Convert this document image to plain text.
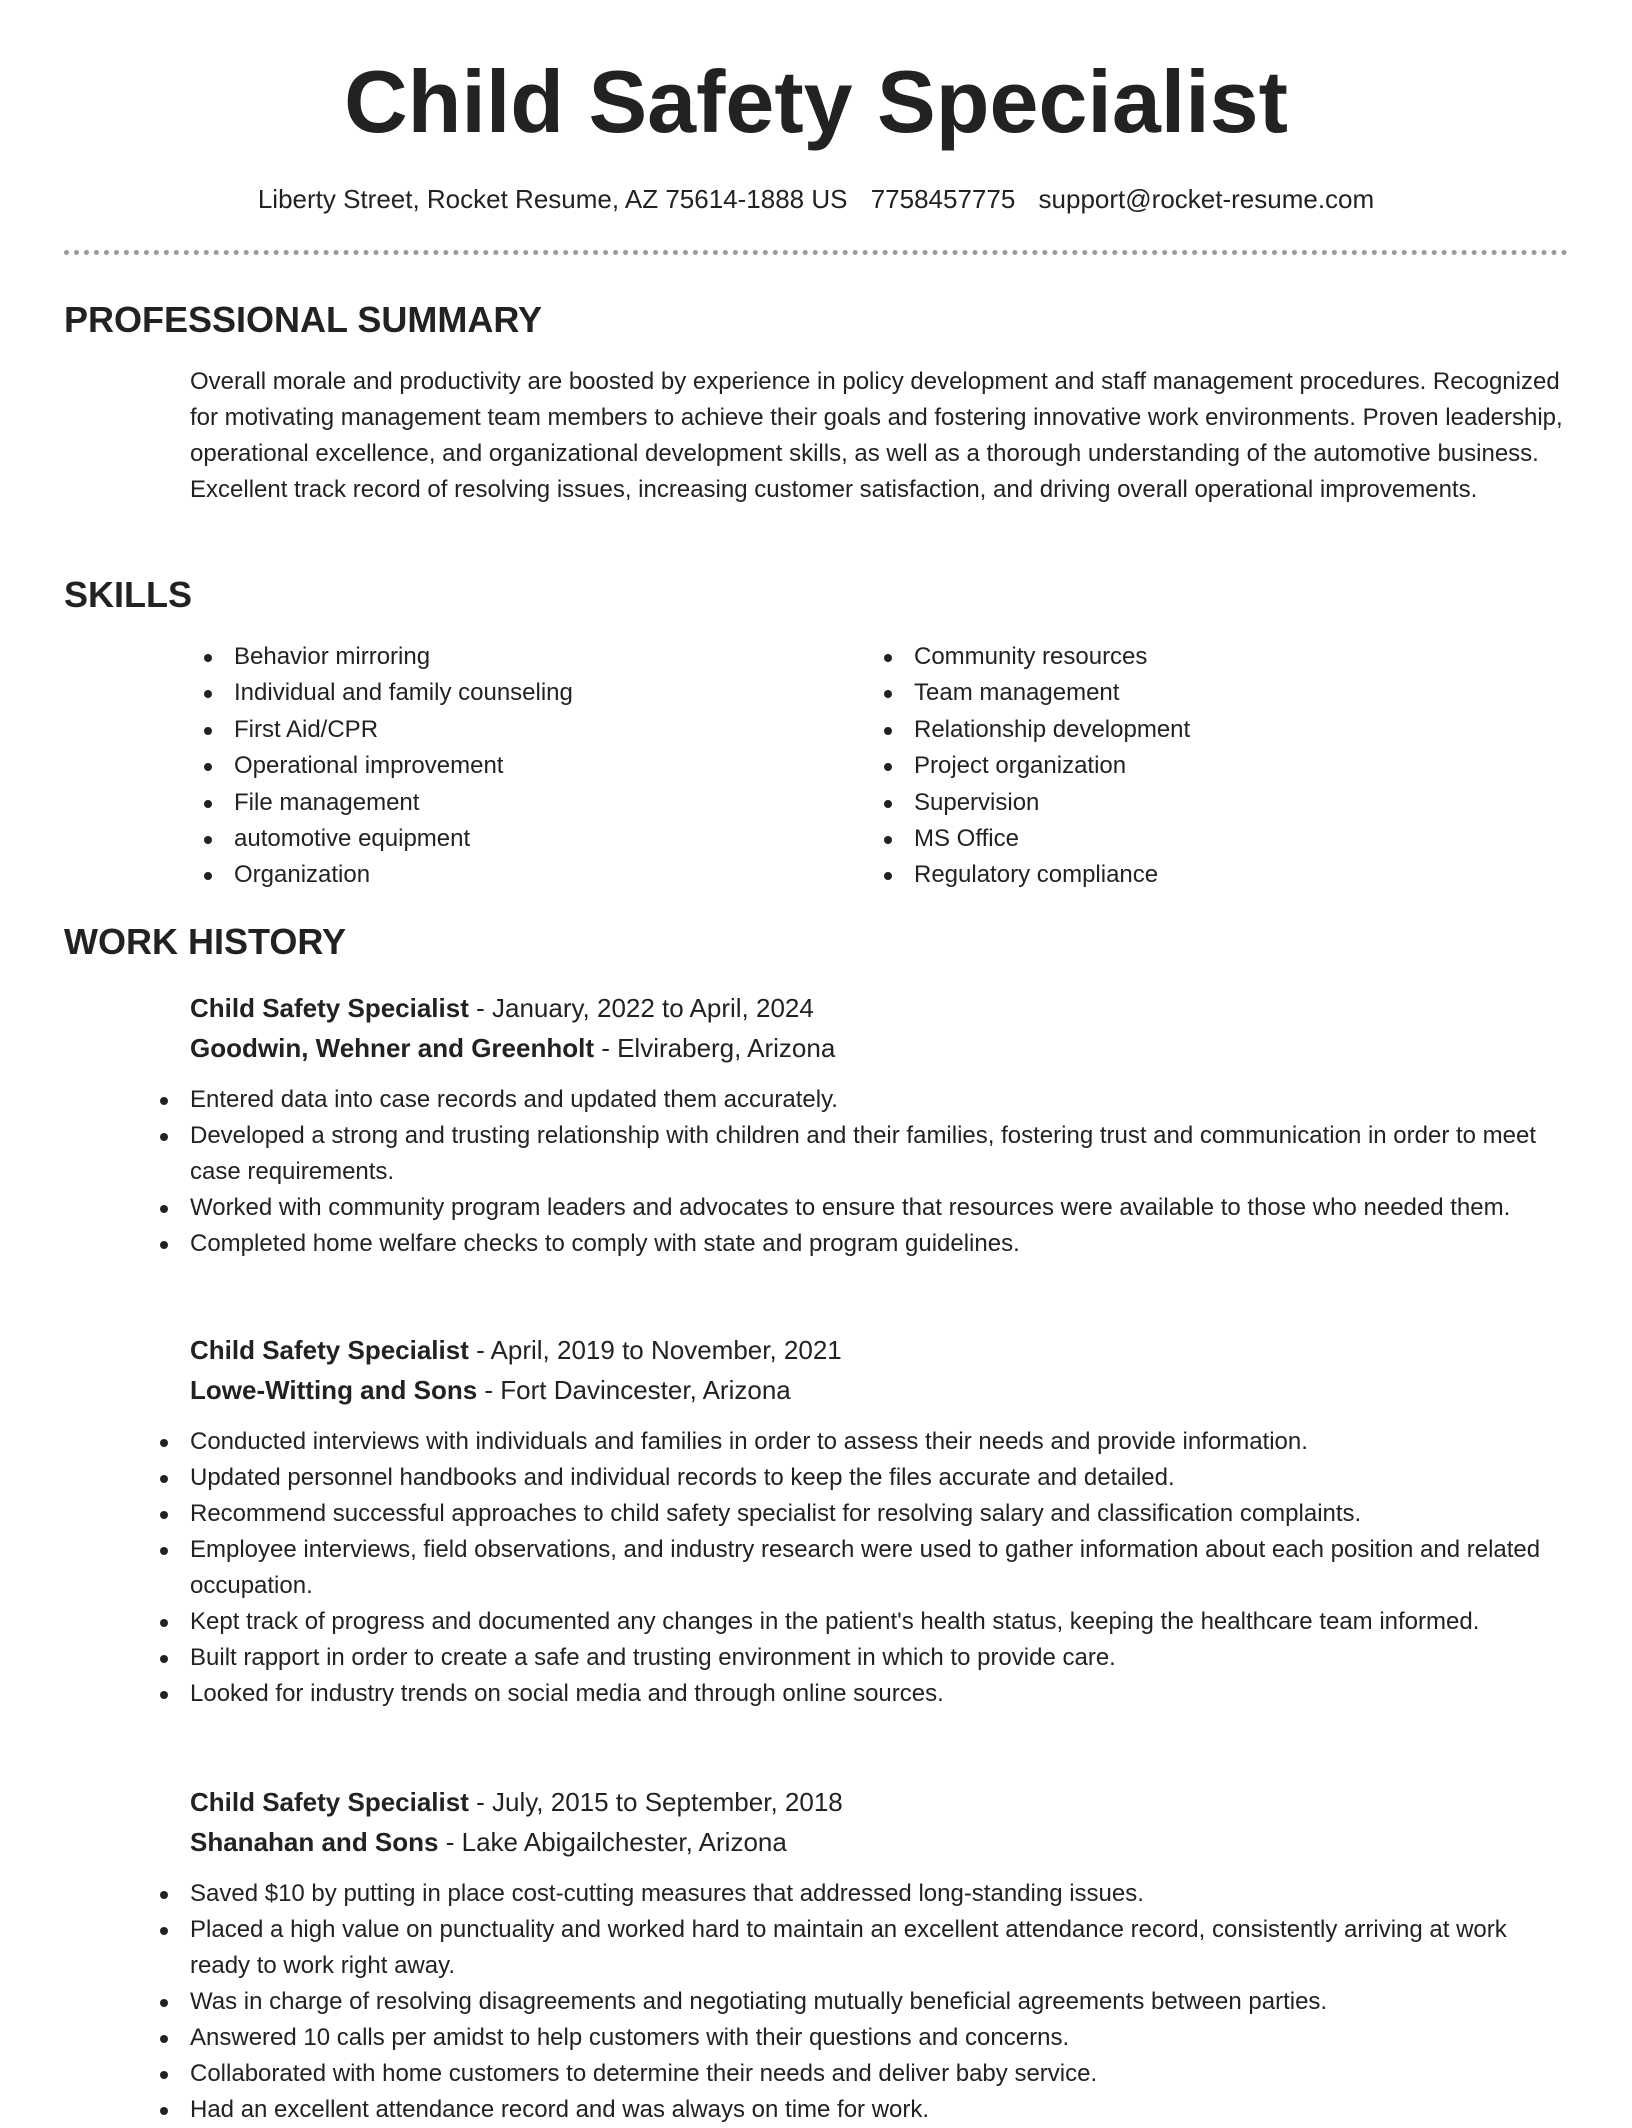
Child Safety Specialist
Liberty Street, Rocket Resume, AZ 75614-1888 US 7758457775 support@rocket-resume.com
PROFESSIONAL SUMMARY

Overall morale and productivity are boosted by experience in policy development and staff management procedures. Recognized for motivating management team members to achieve their goals and fostering innovative work environments. Proven leadership, operational excellence, and organizational development skills, as well as a thorough understanding of the automotive business. Excellent track record of resolving issues, increasing customer satisfaction, and driving overall operational improvements.

SKILLS
Behavior mirroring
Individual and family counseling
First Aid/CPR
Operational improvement
File management
automotive equipment
Organization
Community resources
Team management
Relationship development
Project organization
Supervision
MS Office
Regulatory compliance
WORK HISTORY
Child Safety Specialist - January, 2022 to April, 2024
Goodwin, Wehner and Greenholt - Elviraberg, Arizona
Entered data into case records and updated them accurately.
Developed a strong and trusting relationship with children and their families, fostering trust and communication in order to meet case requirements.
Worked with community program leaders and advocates to ensure that resources were available to those who needed them.
Completed home welfare checks to comply with state and program guidelines.
Child Safety Specialist - April, 2019 to November, 2021
Lowe-Witting and Sons - Fort Davincester, Arizona
Conducted interviews with individuals and families in order to assess their needs and provide information.
Updated personnel handbooks and individual records to keep the files accurate and detailed.
Recommend successful approaches to child safety specialist for resolving salary and classification complaints.
Employee interviews, field observations, and industry research were used to gather information about each position and related occupation.
Kept track of progress and documented any changes in the patient's health status, keeping the healthcare team informed.
Built rapport in order to create a safe and trusting environment in which to provide care.
Looked for industry trends on social media and through online sources.
Child Safety Specialist - July, 2015 to September, 2018
Shanahan and Sons - Lake Abigailchester, Arizona
Saved $10 by putting in place cost-cutting measures that addressed long-standing issues.
Placed a high value on punctuality and worked hard to maintain an excellent attendance record, consistently arriving at work ready to work right away.
Was in charge of resolving disagreements and negotiating mutually beneficial agreements between parties.
Answered 10 calls per amidst to help customers with their questions and concerns.
Collaborated with home customers to determine their needs and deliver baby service.
Had an excellent attendance record and was always on time for work.
